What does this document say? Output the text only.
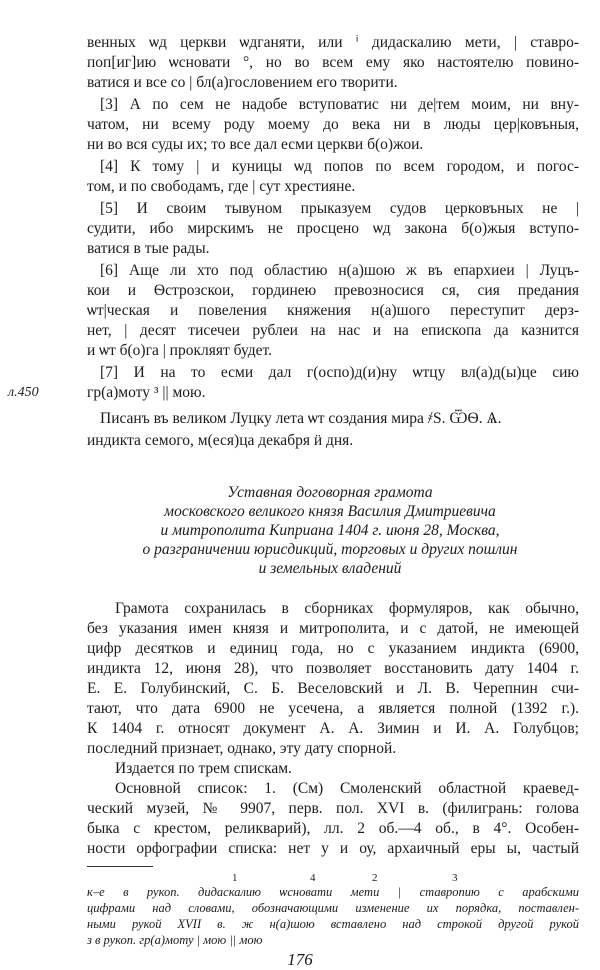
венных ѡд церкви ѡдганяти, или ⁱ дидаскалию мети, | ставро-
поп[иг]ию ѡсновати °, но во всем ему яко настоятелю повино-
ватися и все со | бл(а)гословением его творити.
[3] А по сем не надобе вступоватис ни де|тем моим, ни вну-
чатом, ни всему роду моему до века ни в люды цер|ковъныя,
ни во вся суды их; то все дал есми церкви б(о)жои.
[4] К тому | и куницы ѡд попов по всем городом, и погос-
том, и по свободамъ, где | сут хрестияне.
[5] И своим тывуном прыказуем судов церковъных не |
судити, ибо мирскимъ не просцено ѡд закона б(о)жыя вступо-
ватися в тые рады.
[6] Аще ли хто под областию н(а)шою ж въ епархиеи | Луцъ-
кои и Ѳстрозскои, гординею превозносися ся, сия предания
ѡт|ческая и повеления княжения н(а)шого переступит дерз-
нет, | десят тисечеи рублеи на нас и на епископа да казнится
и ѡт б(о)га | прокляят будет.
[7] И на то есми дал г(оспо)д(и)ну ѡтцу вл(а)д(ы)це сию
гр(а)моту ³ || мою.
л.450
Писанъ въ великом Луцку лета ѡт создания мира ҂S. ѾѲ. Ѧ.
индикта семого, м(еся)ца декабря ӥ дня.
Уставная договорная грамота
московского великого князя Василия Дмитриевича
и митрополита Киприана 1404 г. июня 28, Москва,
о разграничении юрисдикций, торговых и других пошлин
и земельных владений
Грамота сохранилась в сборниках формуляров, как обычно,
без указания имен князя и митрополита, и с датой, не имеющей
цифр десятков и единиц года, но с указанием индикта (6900,
индикта 12, июня 28), что позволяет восстановить дату 1404 г.
Е. Е. Голубинский, С. Б. Веселовский и Л. В. Черепнин счи-
тают, что дата 6900 не усечена, а является полной (1392 г.).
К 1404 г. относят документ А. А. Зимин и И. А. Голубцов;
последний признает, однако, эту дату спорной.
Издается по трем спискам.
Основной список: 1. (См) Смоленский областной краевед-
ческий музей, № 9907, перв. пол. XVI в. (филигрань: голова
быка с крестом, реликварий), лл. 2 об.—4 об., в 4°. Особен-
ности орфографии списка: нет у и оу, архаичный еры ы, частый
1	4	2	3
к–е в рукоп. дидаскалию ѡсновати мети | ставропию с арабскими
цифрами над словами, обозначающими изменение их порядка, поставлен-
ными рукой XVII в. ж н(а)шою вставлено над строкой другой рукой
з в рукоп. гр(а)моту | мою || мою
176
